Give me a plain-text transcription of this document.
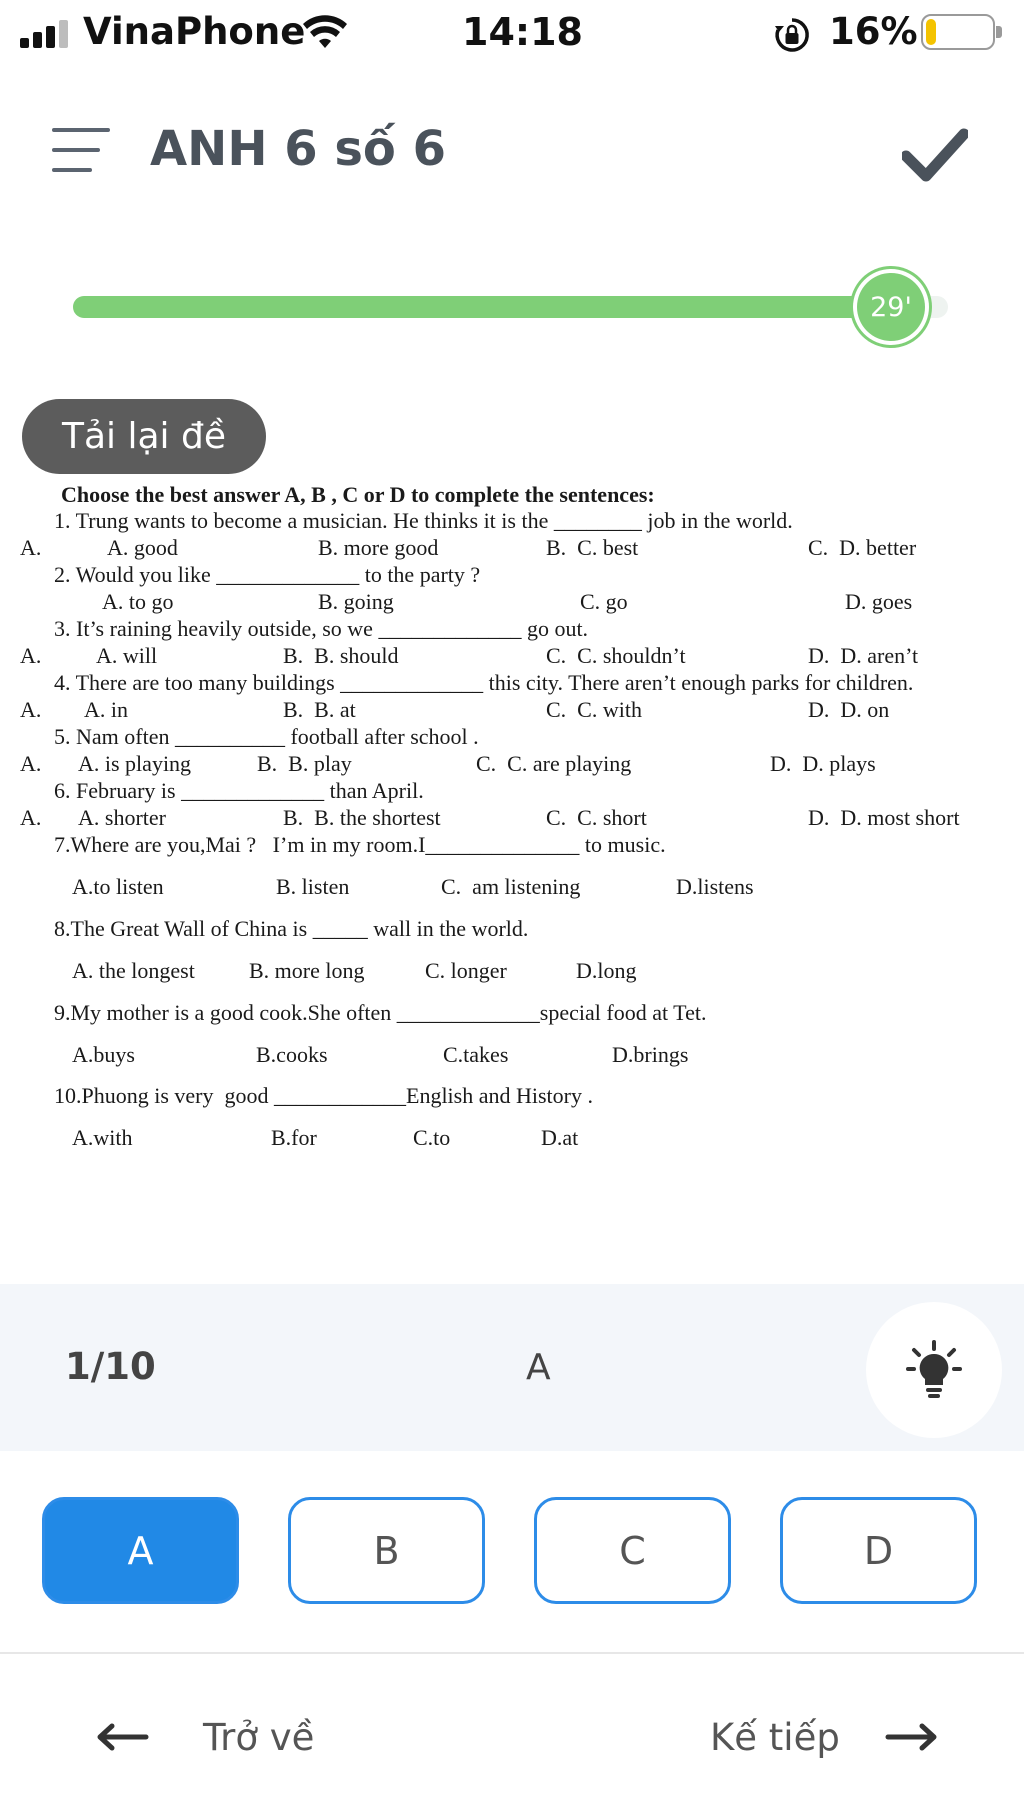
VinaPhone	14:18	16%
ANH 6 số 6
29'
Tải lại đề
Choose the best answer A, B , C or D to complete the sentences:
1. Trung wants to become a musician. He thinks it is the ________ job in the world.
A.	A. good	B. more good	B.  C. best	C.  D. better
2. Would you like _____________ to the party ?
A. to go	B. going	C. go	D. goes
3. It’s raining heavily outside, so we _____________ go out.
A. A. will	B.  B. should	C.  C. shouldn’t	D.  D. aren’t
4. There are too many buildings _____________ this city. There aren’t enough parks for children.
A. A. in	B.  B. at	C.  C. with	D.  D. on
5. Nam often __________ football after school .
A. A. is playing	B.  B. play	C.  C. are playing	D.  D. plays
6. February is _____________ than April.
A. A. shorter	B.  B. the shortest	C.  C. short	D.  D. most short
7.Where are you,Mai ?   I’m in my room.I______________ to music.
A.to listen	B. listen	C.  am listening	D.listens
8.The Great Wall of China is _____ wall in the world.
A. the longest B. more long	C. longer	D.long
9.My mother is a good cook.She often _____________special food at Tet.
A.buys	B.cooks	C.takes	D.brings
10.Phuong is very  good ____________English and History .
A.with	B.for	C.to	D.at
1/10	A
A	B	C	D
Trở về	Kế tiếp
